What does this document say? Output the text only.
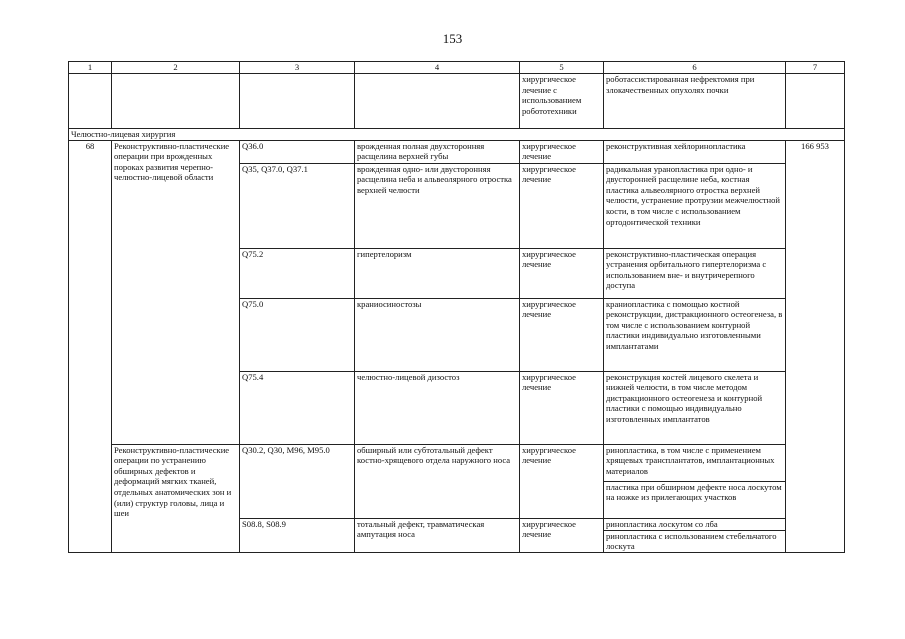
153
1	2	3	4	5	6	7
				хирургическое лечение с использованием робототехники	роботассистированная нефректомия при злокачественных опухолях почки	
Челюстно-лицевая хирургия						
68	Реконструктивно-пластические операции при врожденных пороках развития черепно-челюстно-лицевой области	Q36.0	врожденная полная двухсторонняя расщелина верхней губы	хирургическое лечение	реконструктивная хейлоринопластика	166 953
		Q35, Q37.0, Q37.1	врожденная одно- или двусторонняя расщелина неба и альвеолярного отростка верхней челюсти	хирургическое лечение	радикальная уранопластика при одно- и двусторонней расщелине неба, костная пластика альвеолярного отростка верхней челюсти, устранение протрузии межчелюстной кости, в том числе с использованием ортодонтической техники	
		Q75.2	гипертелоризм	хирургическое лечение	реконструктивно-пластическая операция устранения орбитального гипертелоризма с использованием вне- и внутричерепного доступа	
		Q75.0	краниосиностозы	хирургическое лечение	краниопластика с помощью костной реконструкции, дистракционного остеогенеза, в том числе с использованием контурной пластики индивидуально изготовленными имплантатами	
		Q75.4	челюстно-лицевой дизостоз	хирургическое лечение	реконструкция костей лицевого скелета и нижней челюсти, в том числе методом дистракционного остеогенеза и контурной пластики с помощью индивидуально изготовленных имплантатов	
	Реконструктивно-пластические операции по устранению обширных дефектов и деформаций мягких тканей, отдельных анатомических зон и (или) структур головы, лица и шеи	Q30.2, Q30, M96, M95.0	обширный или субтотальный дефект костно-хрящевого отдела наружного носа	хирургическое лечение	ринопластика, в том числе с применением хрящевых трансплантатов, имплантационных материалов	
					пластика при обширном дефекте носа лоскутом на ножке из прилегающих участков	
		S08.8, S08.9	тотальный дефект, травматическая ампутация носа	хирургическое лечение	ринопластика лоскутом со лба	
					ринопластика с использованием стебельчатого лоскута	
